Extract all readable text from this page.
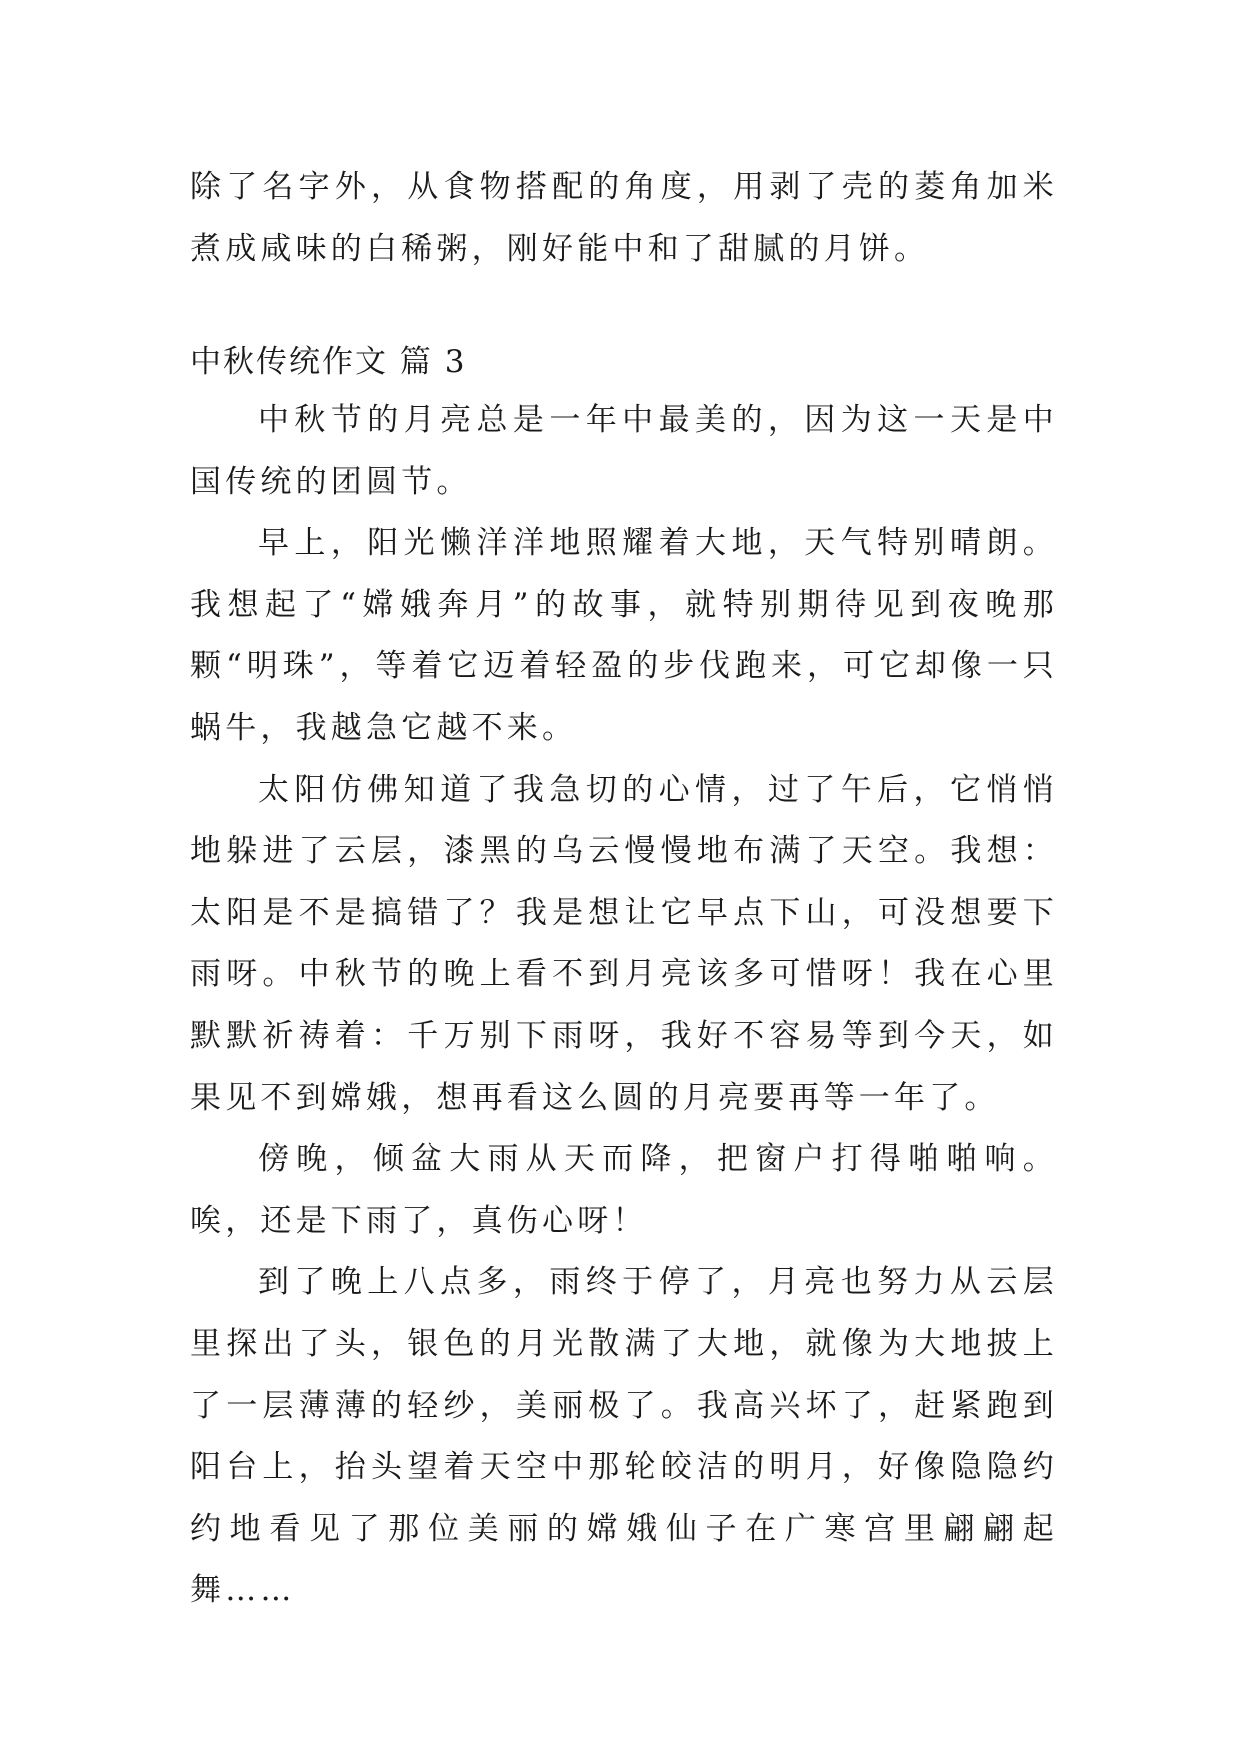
除了名字外，从食物搭配的角度，用剥了壳的菱角加米煮成咸味的白稀粥，刚好能中和了甜腻的月饼。

中秋传统作文 篇 3

中秋节的月亮总是一年中最美的，因为这一天是中国传统的团圆节。

早上，阳光懒洋洋地照耀着大地，天气特别晴朗。我想起了“嫦娥奔月”的故事，就特别期待见到夜晚那颗“明珠”，等着它迈着轻盈的步伐跑来，可它却像一只蜗牛，我越急它越不来。

太阳仿佛知道了我急切的心情，过了午后，它悄悄地躲进了云层，漆黑的乌云慢慢地布满了天空。我想：太阳是不是搞错了？我是想让它早点下山，可没想要下雨呀。中秋节的晚上看不到月亮该多可惜呀！我在心里默默祈祷着：千万别下雨呀，我好不容易等到今天，如果见不到嫦娥，想再看这么圆的月亮要再等一年了。

傍晚，倾盆大雨从天而降，把窗户打得啪啪响。唉，还是下雨了，真伤心呀！

到了晚上八点多，雨终于停了，月亮也努力从云层里探出了头，银色的月光散满了大地，就像为大地披上了一层薄薄的轻纱，美丽极了。我高兴坏了，赶紧跑到阳台上，抬头望着天空中那轮皎洁的明月，好像隐隐约约地看见了那位美丽的嫦娥仙子在广寒宫里翩翩起舞……
